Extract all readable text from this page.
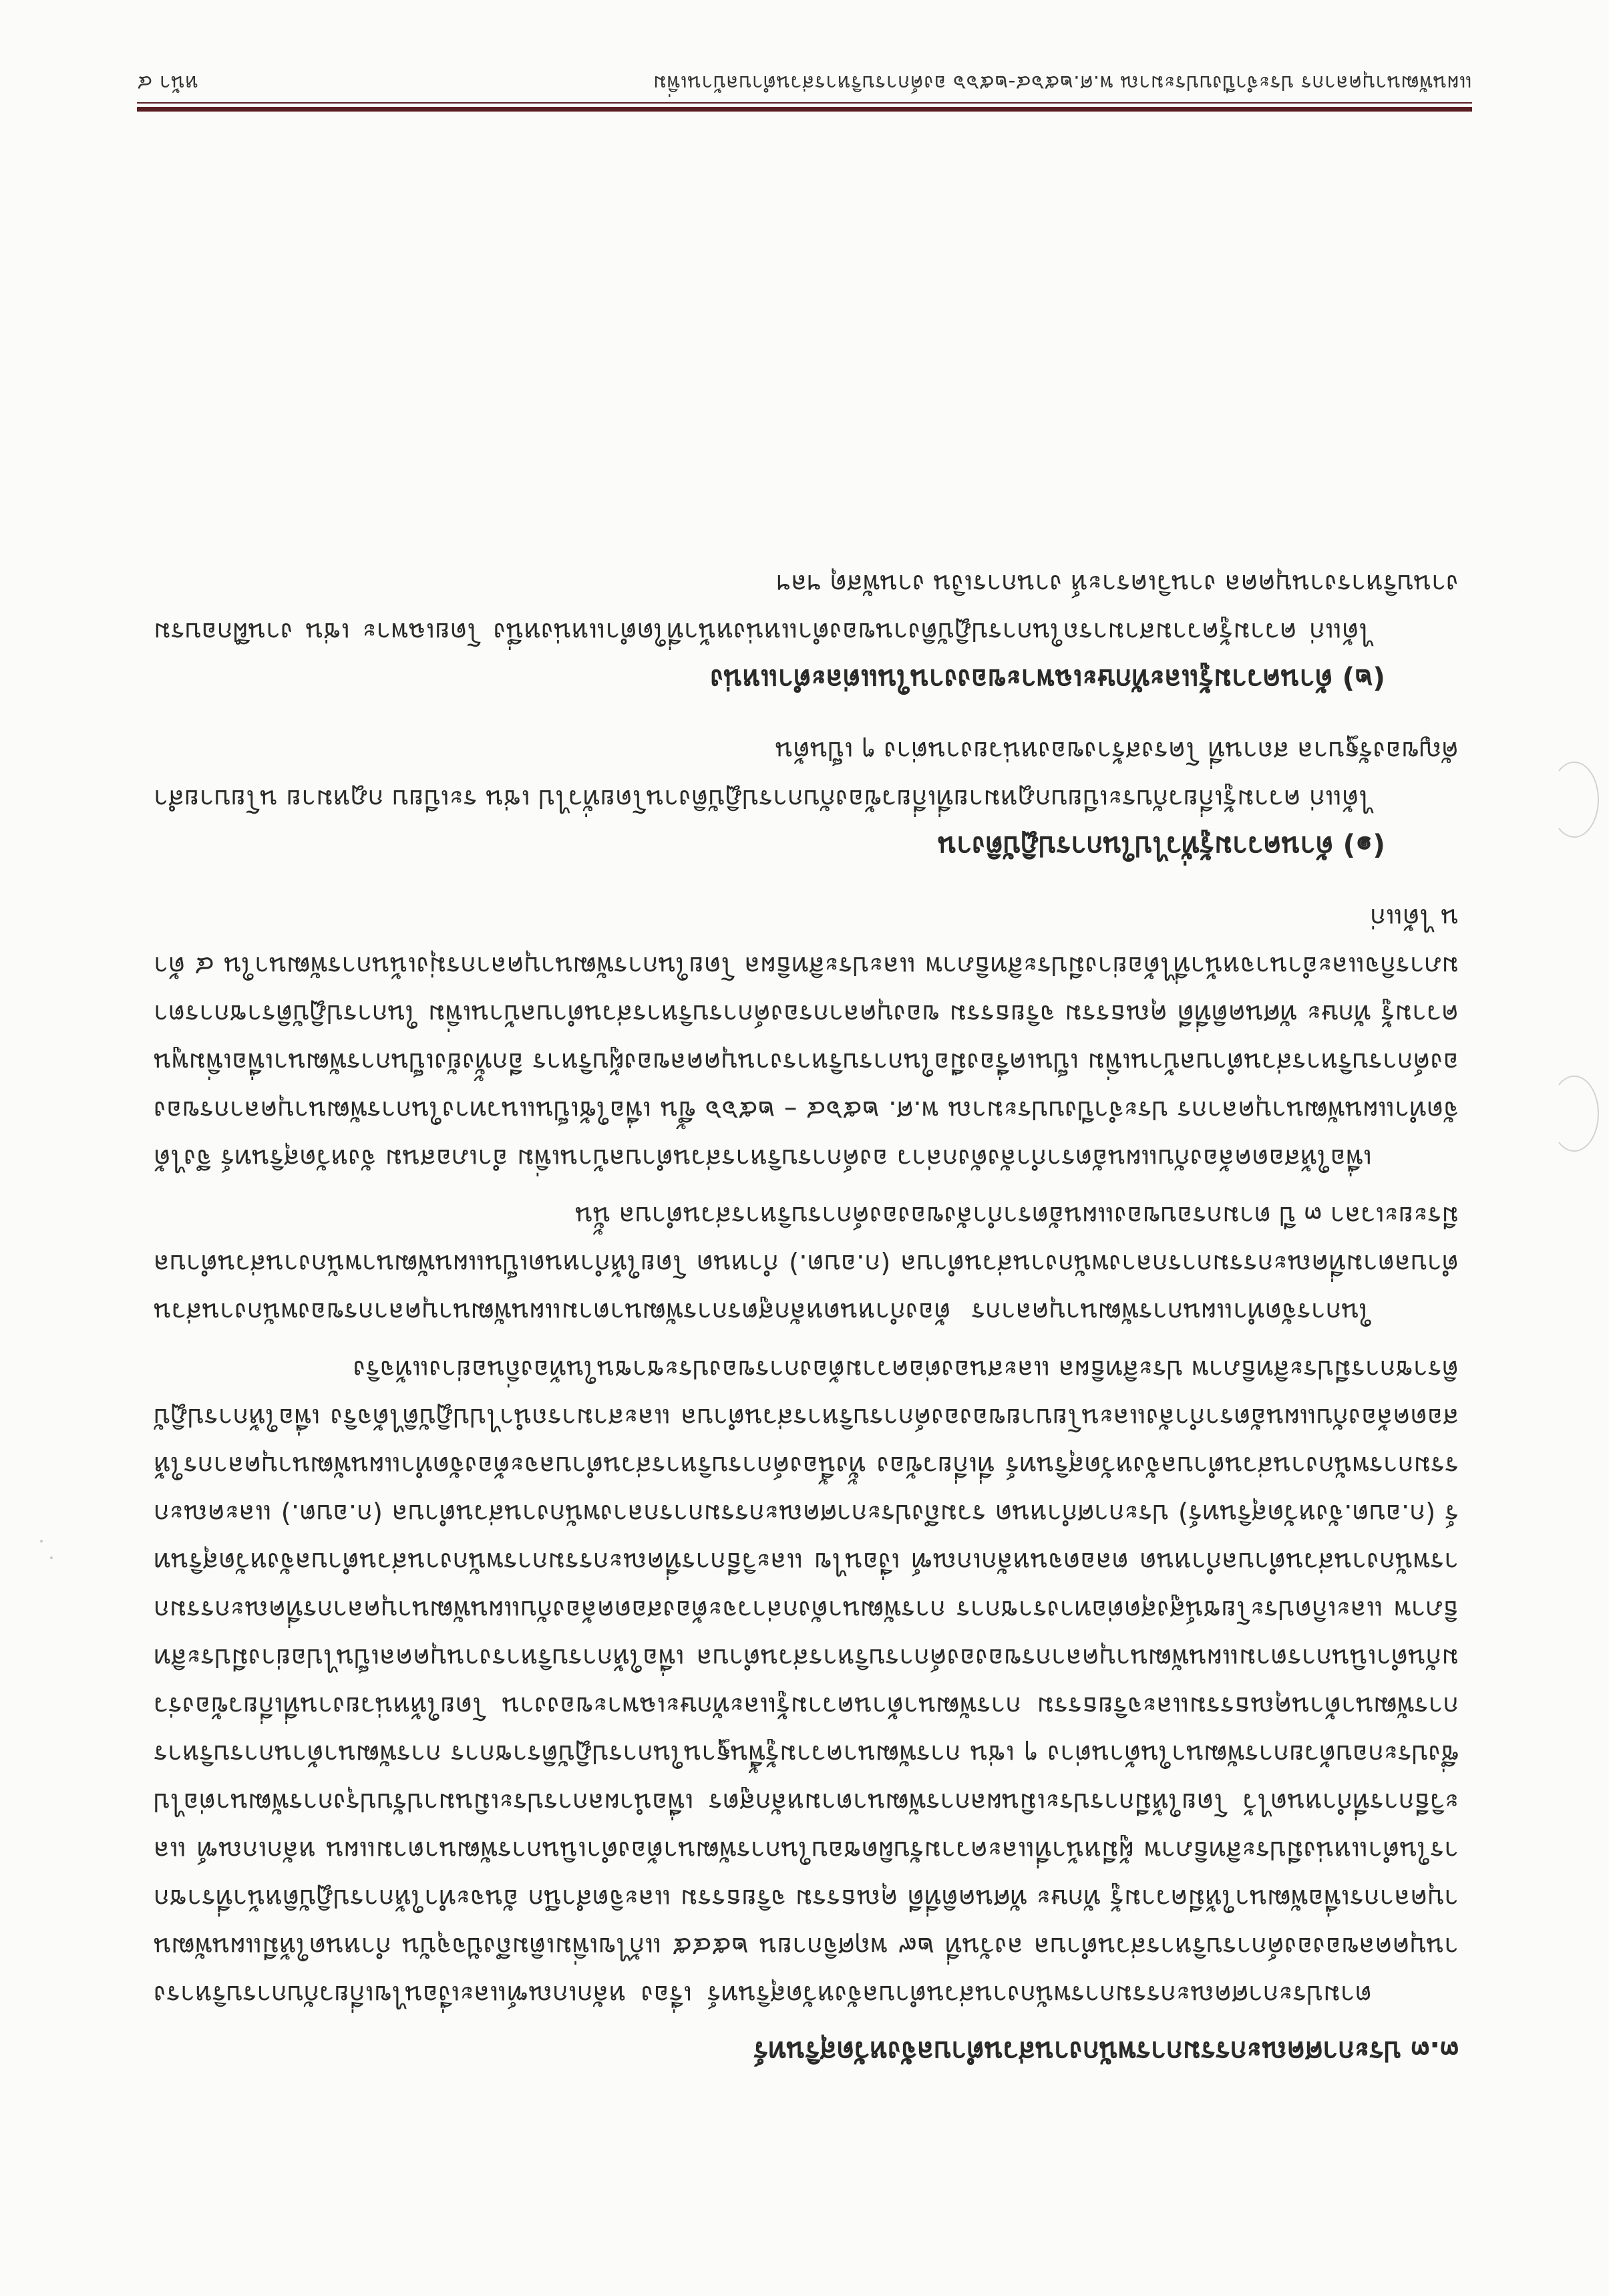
แผนพัฒนาบุคลากร ประจำปีงบประมาณ พ.ศ.๒๕๖๔-๒๕๖๖ องค์การบริหารส่วนตำบลบ้านเพิ่ม
หน้า ๔
๓.๓ ประกาศคณะกรรมการพนักงานส่วนตำบลจังหวัดสุรินทร์

ตามประกาศคณะกรรมการพนักงานส่วนตำบลจังหวัดสุรินทร์ เรื่อง หลักเกณฑ์และเงื่อนไขเกี่ยวกับการบริหารงานบุคคลขององค์การบริหารส่วนตำบล ลงวันที่ ๒๙ พฤศจิกายน ๒๕๔๕ แก้ไขเพิ่มเติมถึงปัจจุบัน กำหนดให้มีแผนพัฒนาบุคลากรเพื่อพัฒนาให้มีความรู้ ทักษะ ทัศนคติที่ดี คุณธรรม จริยธรรม และจิตสำนึก อันจะทำให้การปฏิบัติหน้าที่ราชการในตำแหน่งมีประสิทธิภาพ ผู้มีหน้าที่และความรับผิดชอบในการพัฒนาต้องดำเนินการพัฒนาตามแผน หลักเกณฑ์ และวิธีการที่กำหนดไว้ โดยให้มีการประเมินผลการพัฒนาตามหลักสูตร เพื่อนำผลการประเมินมาปรับปรุงการพัฒนาต่อไป ซึ่งประกอบด้วยการพัฒนาในด้านต่าง ๆ เช่น การพัฒนาความรู้พื้นฐานในการปฏิบัติราชการ การพัฒนาด้านการบริหาร การพัฒนาด้านคุณธรรมและจริยธรรม การพัฒนาด้านความรู้และทักษะเฉพาะของงาน โดยให้หน่วยงานที่เกี่ยวข้องร่วมกันดำเนินการตามแผนพัฒนาบุคลากรขององค์การบริหารส่วนตำบล เพื่อให้การบริหารงานบุคคลเป็นไปอย่างมีประสิทธิภาพ และเกิดประโยชน์สูงสุดต่อทางราชการ การพัฒนาดังกล่าวจะต้องสอดคล้องกับแผนพัฒนาบุคลากรที่คณะกรรมการพนักงานส่วนตำบลกำหนด ตลอดจนหลักเกณฑ์ เงื่อนไข และวิธีการที่คณะกรรมการพนักงานส่วนตำบลจังหวัดสุรินทร์ (ก.อบต.จังหวัดสุรินทร์) ประกาศกำหนด รวมถึงประกาศคณะกรรมการกลางพนักงานส่วนตำบล (ก.อบต.) และคณะกรรมการพนักงานส่วนตำบลจังหวัดสุรินทร์ ที่เกี่ยวข้อง ทั้งนี้องค์การบริหารส่วนตำบลจะต้องจัดทำแผนพัฒนาบุคลากรให้สอดคล้องกับแผนอัตรากำลังและนโยบายขององค์การบริหารส่วนตำบล และสามารถนำไปปฏิบัติได้จริง เพื่อให้การปฏิบัติราชการมีประสิทธิภาพ ประสิทธิผล และสนองต่อความต้องการของประชาชนในท้องถิ่นอย่างแท้จริง

ในการจัดทำแผนการพัฒนาบุคลากร ต้องกำหนดหลักสูตรการพัฒนาตามแผนพัฒนาบุคลากรของพนักงานส่วนตำบลตามที่คณะกรรมการกลางพนักงานส่วนตำบล (ก.อบต.) กำหนด โดยให้กำหนดเป็นแผนพัฒนาพนักงานส่วนตำบล มีระยะเวลา ๓ ปี ตามกรอบของแผนอัตรากำลังขององค์การบริหารส่วนตำบล นั้น

เพื่อให้สอดคล้องกับแผนอัตรากำลังดังกล่าว องค์การบริหารส่วนตำบลบ้านเพิ่ม อำเภอสนม จังหวัดสุรินทร์ จึงได้จัดทำแผนพัฒนาบุคลากร ประจำปีงบประมาณ พ.ศ. ๒๕๖๔ – ๒๕๖๖ ขึ้น เพื่อใช้เป็นแนวทางในการพัฒนาบุคลากรขององค์การบริหารส่วนตำบลบ้านเพิ่ม เป็นเครื่องมือในการบริหารงานบุคคลของผู้บริหาร อีกทั้งยังเป็นการพัฒนาเพื่อเพิ่มพูนความรู้ ทักษะ ทัศนคติที่ดี คุณธรรม จริยธรรม ของบุคลากรองค์การบริหารส่วนตำบลบ้านเพิ่ม ในการปฏิบัติราชการตามภารกิจและอำนาจหน้าที่ได้อย่างมีประสิทธิภาพ และประสิทธิผล โดยในการพัฒนาบุคลากรมุ่งเน้นการพัฒนาใน ๔ ด้าน ได้แก่

(๑) ด้านความรู้ทั่วไปในการปฏิบัติงาน

ได้แก่ ความรู้เกี่ยวกับระเบียบกฎหมายที่เกี่ยวข้องกับการปฏิบัติงานโดยทั่วไป เช่น ระเบียบ กฎหมาย นโยบายสำคัญของรัฐบาล สถานที่ โครงสร้างของหน่วยงานต่าง ๆ เป็นต้น

(๒) ด้านความรู้และทักษะเฉพาะของงานในแต่ละตำแหน่ง

ได้แก่ ความรู้ความสามารถในการปฏิบัติงานของตำแหน่งหน้าที่ใดตำแหน่งหนึ่ง โดยเฉพาะ เช่น งานฝึกอบรม งานบริหารงานบุคคล งานวิเคราะห์ งานการเงิน งานพัสดุ ฯลฯ
